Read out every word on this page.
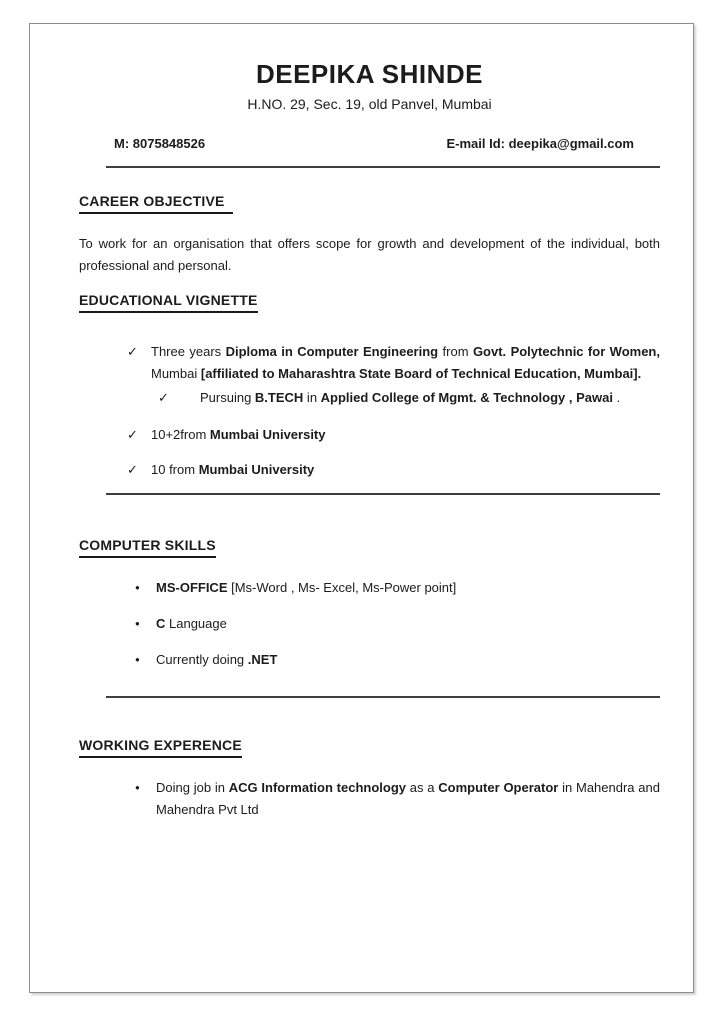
DEEPIKA SHINDE
H.NO. 29, Sec. 19, old Panvel, Mumbai
M: 8075848526	E-mail Id: deepika@gmail.com
CAREER OBJECTIVE

To work for an organisation that offers scope for growth and development of the individual, both professional and personal.

EDUCATIONAL VIGNETTE
✓	Three years Diploma in Computer Engineering from Govt. Polytechnic for Women, Mumbai [affiliated to Maharashtra State Board of Technical Education, Mumbai].
✓	Pursuing B.TECH in Applied College of Mgmt. & Technology , Pawai .
✓	10+2from Mumbai University
✓	10 from Mumbai University
COMPUTER SKILLS
●	MS-OFFICE [Ms-Word , Ms- Excel, Ms-Power point]
●	C Language
●	Currently doing .NET
WORKING EXPERENCE
●	Doing job in ACG Information technology as a Computer Operator in Mahendra and Mahendra Pvt Ltd
